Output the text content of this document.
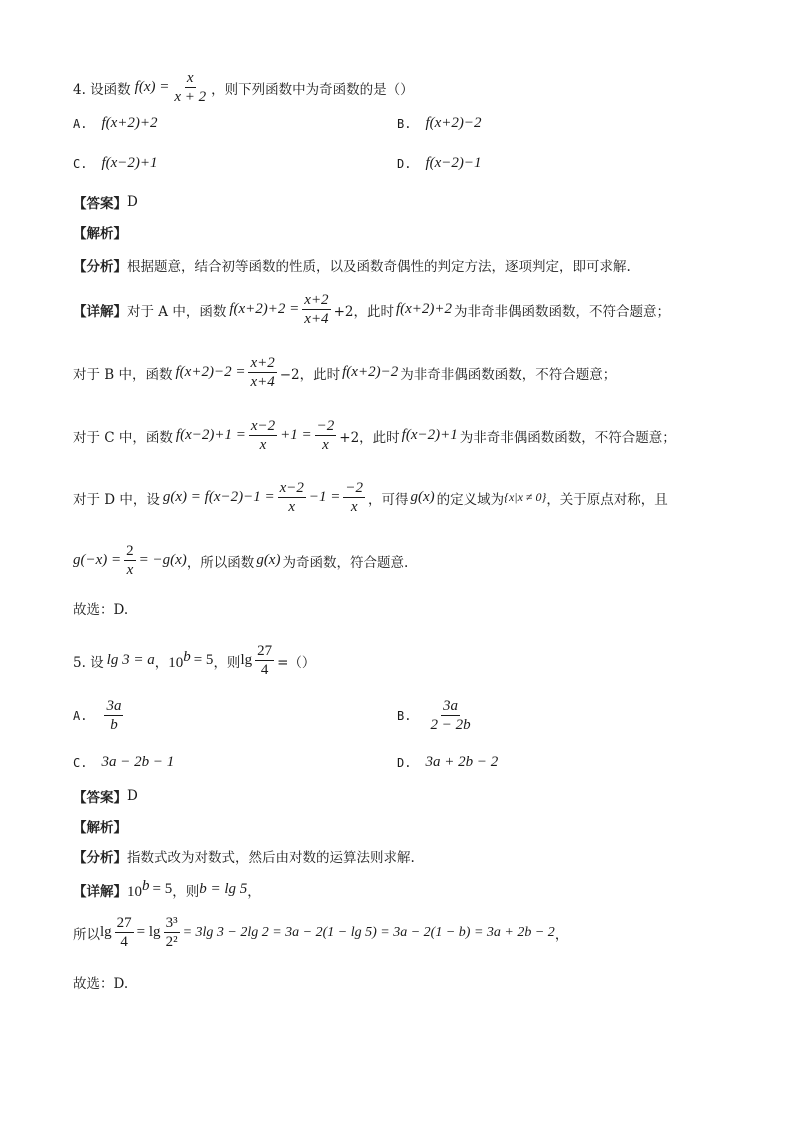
4. 设函数 $f(x) = \frac{x}{x + 2}$ ，则下列函数中为奇函数的是（）
A. f(x+2)+2	B. f(x+2)−2
C. f(x−2)+1	D. f(x−2)−1
【答案】 D
【解析】
【分析】 根据题意，结合初等函数的性质，以及函数奇偶性的判定方法，逐项判定，即可求解.
【详解】 对于 A 中，函数 $f(x+2)+2 = \frac{x+2}{x+4} +2$，此时 f(x+2)+2 为非奇非偶函数函数，不符合题意；
对于 B 中，函数 $f(x+2)-2 = \frac{x+2}{x+4} -2$，此时 f(x+2)−2 为非奇非偶函数函数，不符合题意；
对于 C 中，函数 $f(x-2)+1 = \frac{x-2}{x} +1 = \frac{-2}{x} +2$，此时 f(x−2)+1 为非奇非偶函数函数，不符合题意；
对于 D 中，设 $g(x) = f(x-2)-1 = \frac{x-2}{x} -1 = \frac{-2}{x}$ ，可得 g(x) 的定义域为 {x|x ≠ 0} ，关于原点对称，且
$g(-x) = \frac{2}{x} = -g(x)$ ，所以函数 g(x) 为奇函数，符合题意.
故选：D.
5. 设 lg 3 = a ， $10^b = 5$ ，则 $\lg \frac{27}{4}$ =（）
A. $\frac{3a}{b}$	B. $\frac{3a}{2 - 2b}$
C. 3a − 2b − 1	D. 3a + 2b − 2
【答案】 D
【解析】
【分析】 指数式改为对数式，然后由对数的运算法则求解.
【详解】 $10^b = 5$ ，则 b = lg 5 ，
所以 $\lg \frac{27}{4} = \lg \frac{\text{3³}}{\text{2²}} = 3\lg$ 3 − 2lg 2 = 3a − 2(1 − lg 5) = 3a − 2(1 − b) = 3a + 2b − 2 ，
故选：D.
